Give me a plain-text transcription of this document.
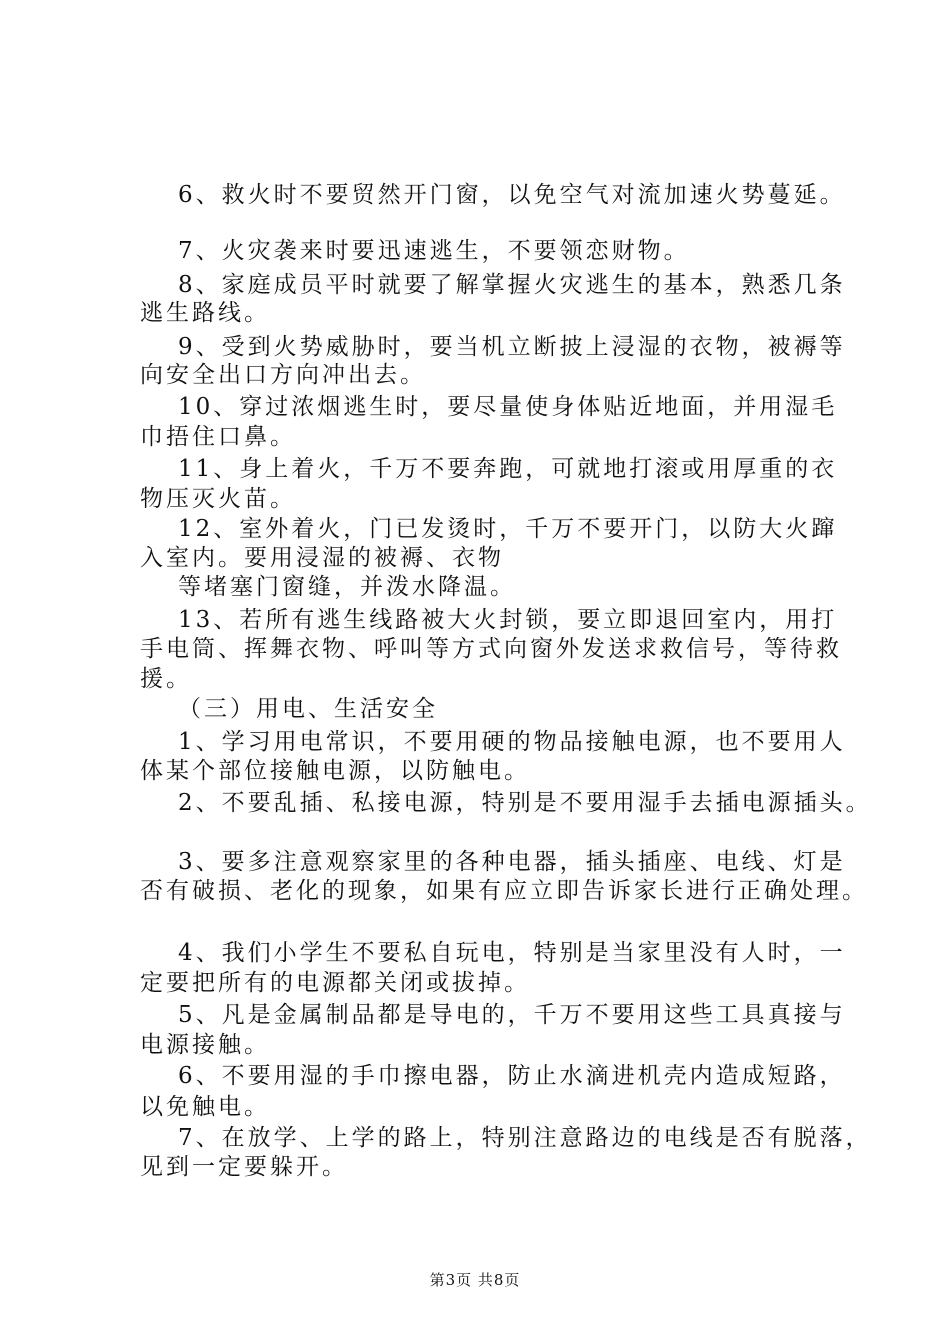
6、救火时不要贸然开门窗，以免空气对流加速火势蔓延。
7、火灾袭来时要迅速逃生，不要领恋财物。
8、家庭成员平时就要了解掌握火灾逃生的基本，熟悉几条
逃生路线。
9、受到火势威胁时，要当机立断披上浸湿的衣物，被褥等
向安全出口方向冲出去。
10、穿过浓烟逃生时，要尽量使身体贴近地面，并用湿毛
巾捂住口鼻。
11、身上着火，千万不要奔跑，可就地打滚或用厚重的衣
物压灭火苗。
12、室外着火，门已发烫时，千万不要开门，以防大火蹿
入室内。要用浸湿的被褥、衣物
等堵塞门窗缝，并泼水降温。
13、若所有逃生线路被大火封锁，要立即退回室内，用打
手电筒、挥舞衣物、呼叫等方式向窗外发送求救信号，等待救
援。
（三）用电、生活安全
1、学习用电常识，不要用硬的物品接触电源，也不要用人
体某个部位接触电源，以防触电。
2、不要乱插、私接电源，特别是不要用湿手去插电源插头。
3、要多注意观察家里的各种电器，插头插座、电线、灯是
否有破损、老化的现象，如果有应立即告诉家长进行正确处理。
4、我们小学生不要私自玩电，特别是当家里没有人时，一
定要把所有的电源都关闭或拔掉。
5、凡是金属制品都是导电的，千万不要用这些工具真接与
电源接触。
6、不要用湿的手巾擦电器，防止水滴进机壳内造成短路，
以免触电。
7、在放学、上学的路上，特别注意路边的电线是否有脱落，
见到一定要躲开。
第3页 共8页
